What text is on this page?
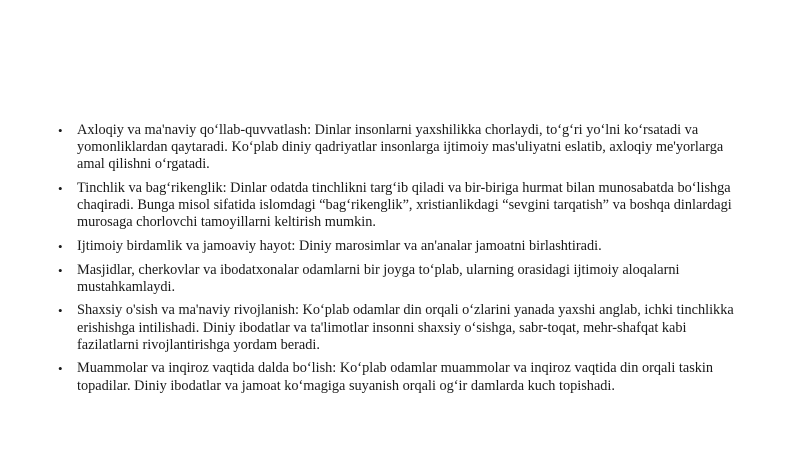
• Axloqiy va ma'naviy qo‘llab-quvvatlash: Dinlar insonlarni yaxshilikka chorlaydi, to‘g‘ri yo‘lni ko‘rsatadi va yomonliklardan qaytaradi. Ko‘plab diniy qadriyatlar insonlarga ijtimoiy mas'uliyatni eslatib, axloqiy me'yorlarga amal qilishni o‘rgatadi.
• Tinchlik va bag‘rikenglik: Dinlar odatda tinchlikni targ‘ib qiladi va bir-biriga hurmat bilan munosabatda bo‘lishga chaqiradi. Bunga misol sifatida islomdagi “bag‘rikenglik”, xristianlikdagi “sevgini tarqatish” va boshqa dinlardagi murosaga chorlovchi tamoyillarni keltirish mumkin.
• Ijtimoiy birdamlik va jamoaviy hayot: Diniy marosimlar va an'analar jamoatni birlashtiradi.
• Masjidlar, cherkovlar va ibodatxonalar odamlarni bir joyga to‘plab, ularning orasidagi ijtimoiy aloqalarni mustahkamlaydi.
• Shaxsiy o'sish va ma'naviy rivojlanish: Ko‘plab odamlar din orqali o‘zlarini yanada yaxshi anglab, ichki tinchlikka erishishga intilishadi. Diniy ibodatlar va ta'limotlar insonni shaxsiy o‘sishga, sabr-toqat, mehr-shafqat kabi fazilatlarni rivojlantirishga yordam beradi.
• Muammolar va inqiroz vaqtida dalda bo‘lish: Ko‘plab odamlar muammolar va inqiroz vaqtida din orqali taskin topadilar. Diniy ibodatlar va jamoat ko‘magiga suyanish orqali og‘ir damlarda kuch topishadi.
